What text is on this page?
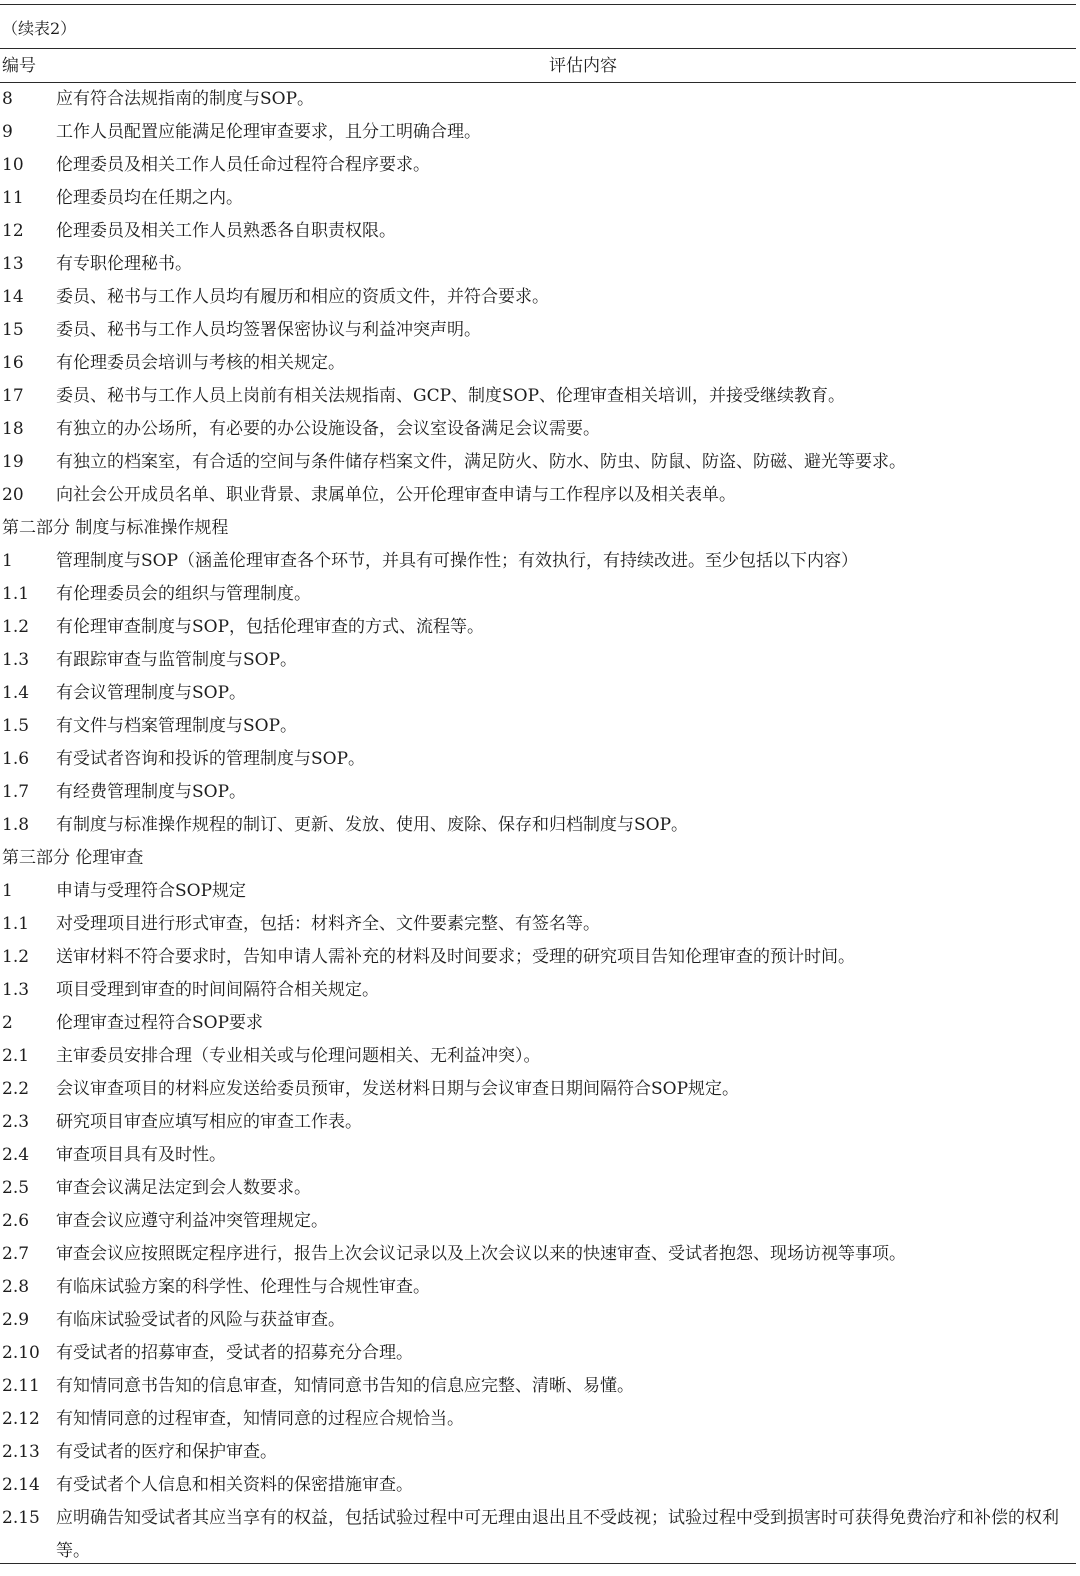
（续表2）
编号	评估内容
8	应有符合法规指南的制度与SOP。
9	工作人员配置应能满足伦理审查要求，且分工明确合理。
10	伦理委员及相关工作人员任命过程符合程序要求。
11	伦理委员均在任期之内。
12	伦理委员及相关工作人员熟悉各自职责权限。
13	有专职伦理秘书。
14	委员、秘书与工作人员均有履历和相应的资质文件，并符合要求。
15	委员、秘书与工作人员均签署保密协议与利益冲突声明。
16	有伦理委员会培训与考核的相关规定。
17	委员、秘书与工作人员上岗前有相关法规指南、GCP、制度SOP、伦理审查相关培训，并接受继续教育。
18	有独立的办公场所，有必要的办公设施设备，会议室设备满足会议需要。
19	有独立的档案室，有合适的空间与条件储存档案文件，满足防火、防水、防虫、防鼠、防盗、防磁、避光等要求。
20	向社会公开成员名单、职业背景、隶属单位，公开伦理审查申请与工作程序以及相关表单。
第二部分 制度与标准操作规程
1	管理制度与SOP（涵盖伦理审查各个环节，并具有可操作性；有效执行，有持续改进。至少包括以下内容）
1.1	有伦理委员会的组织与管理制度。
1.2	有伦理审查制度与SOP，包括伦理审查的方式、流程等。
1.3	有跟踪审查与监管制度与SOP。
1.4	有会议管理制度与SOP。
1.5	有文件与档案管理制度与SOP。
1.6	有受试者咨询和投诉的管理制度与SOP。
1.7	有经费管理制度与SOP。
1.8	有制度与标准操作规程的制订、更新、发放、使用、废除、保存和归档制度与SOP。
第三部分 伦理审查
1	申请与受理符合SOP规定
1.1	对受理项目进行形式审查，包括：材料齐全、文件要素完整、有签名等。
1.2	送审材料不符合要求时，告知申请人需补充的材料及时间要求；受理的研究项目告知伦理审查的预计时间。
1.3	项目受理到审查的时间间隔符合相关规定。
2	伦理审查过程符合SOP要求
2.1	主审委员安排合理（专业相关或与伦理问题相关、无利益冲突）。
2.2	会议审查项目的材料应发送给委员预审，发送材料日期与会议审查日期间隔符合SOP规定。
2.3	研究项目审查应填写相应的审查工作表。
2.4	审查项目具有及时性。
2.5	审查会议满足法定到会人数要求。
2.6	审查会议应遵守利益冲突管理规定。
2.7	审查会议应按照既定程序进行，报告上次会议记录以及上次会议以来的快速审查、受试者抱怨、现场访视等事项。
2.8	有临床试验方案的科学性、伦理性与合规性审查。
2.9	有临床试验受试者的风险与获益审查。
2.10 有受试者的招募审查，受试者的招募充分合理。
2.11 有知情同意书告知的信息审查，知情同意书告知的信息应完整、清晰、易懂。
2.12 有知情同意的过程审查，知情同意的过程应合规恰当。
2.13 有受试者的医疗和保护审查。
2.14 有受试者个人信息和相关资料的保密措施审查。
2.15 应明确告知受试者其应当享有的权益，包括试验过程中可无理由退出且不受歧视；试验过程中受到损害时可获得免费治疗和补偿的权利等。
